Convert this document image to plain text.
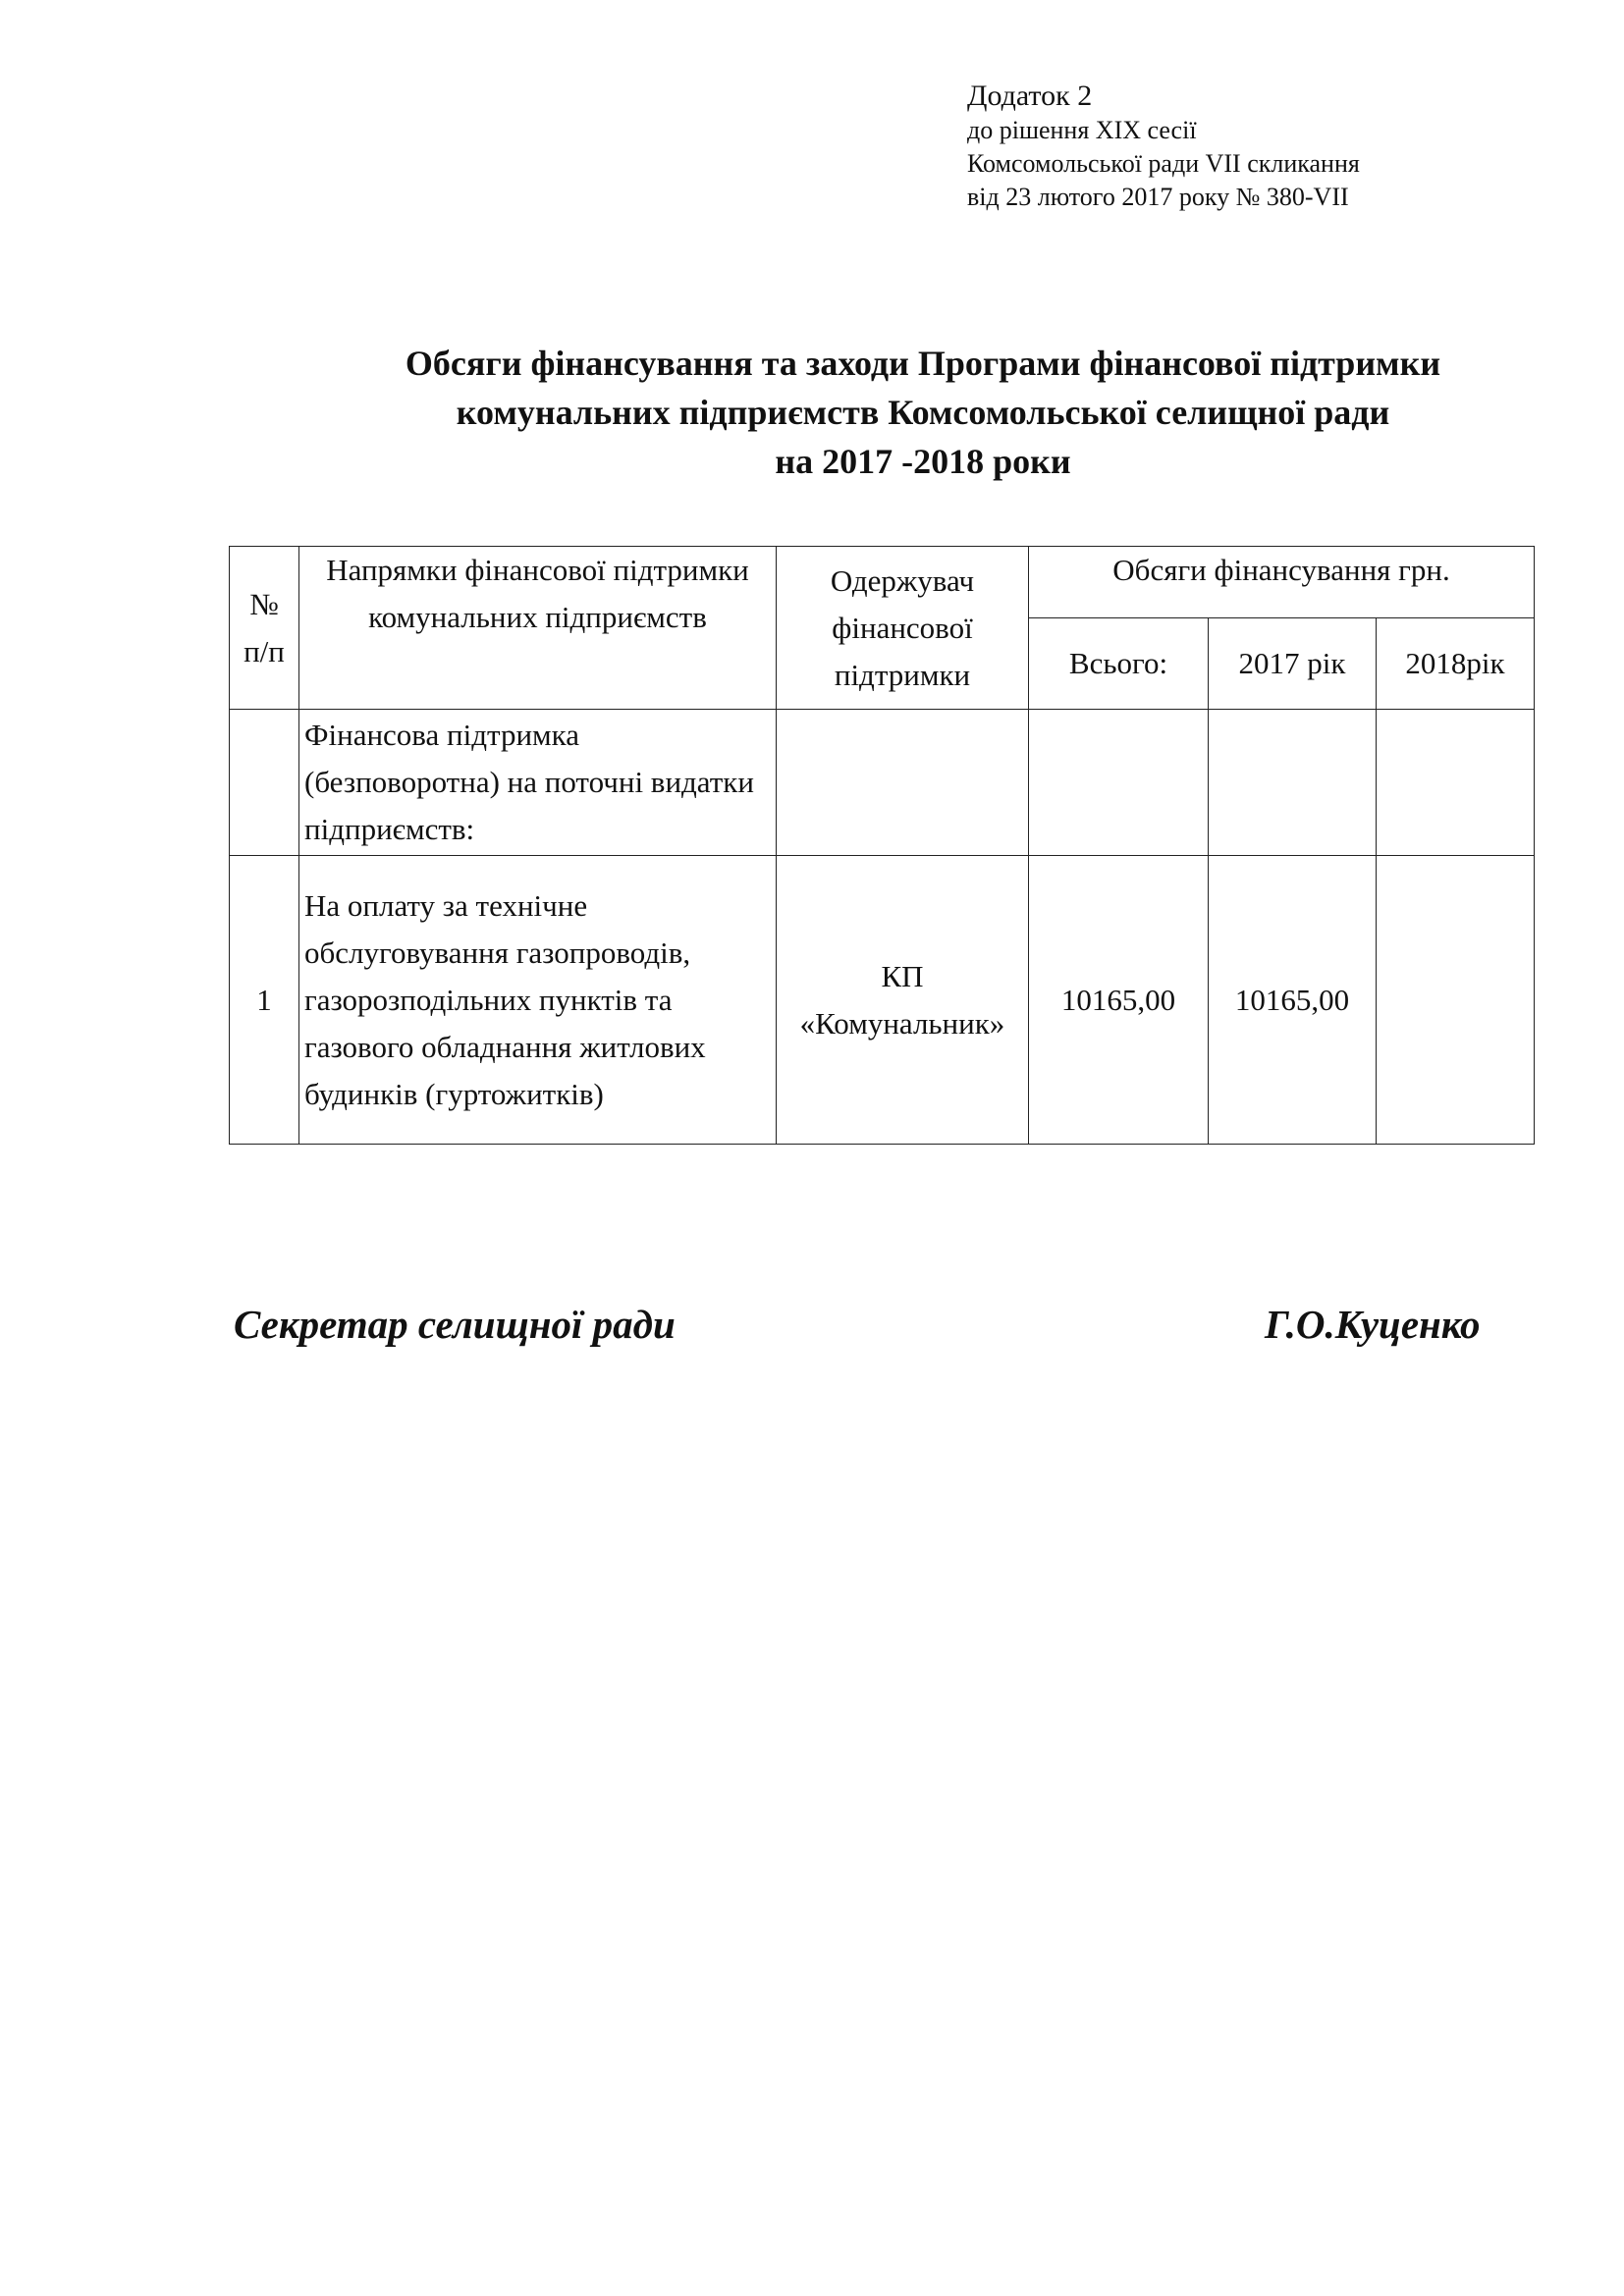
Додаток 2
до рішення XIX сесії
Комсомольської ради VII скликання
від 23 лютого 2017 року № 380-VII
Обсяги фінансування та заходи Програми фінансової підтримки
комунальних підприємств Комсомольської селищної ради
на 2017 -2018 роки
№ п/п	Напрямки фінансової підтримки комунальних підприємств	Одержувач фінансової підтримки	Обсяги фінансування грн.		
			Всього:	2017 рік	2018рік
	Фінансова підтримка (безповоротна) на поточні видатки підприємств:				
1	На оплату за технічне обслуговування газопроводів, газорозподільних пунктів та газового обладнання житлових будинків (гуртожитків)	КП «Комунальник»	10165,00	10165,00	
Секретар селищної ради	Г.О.Куценко
